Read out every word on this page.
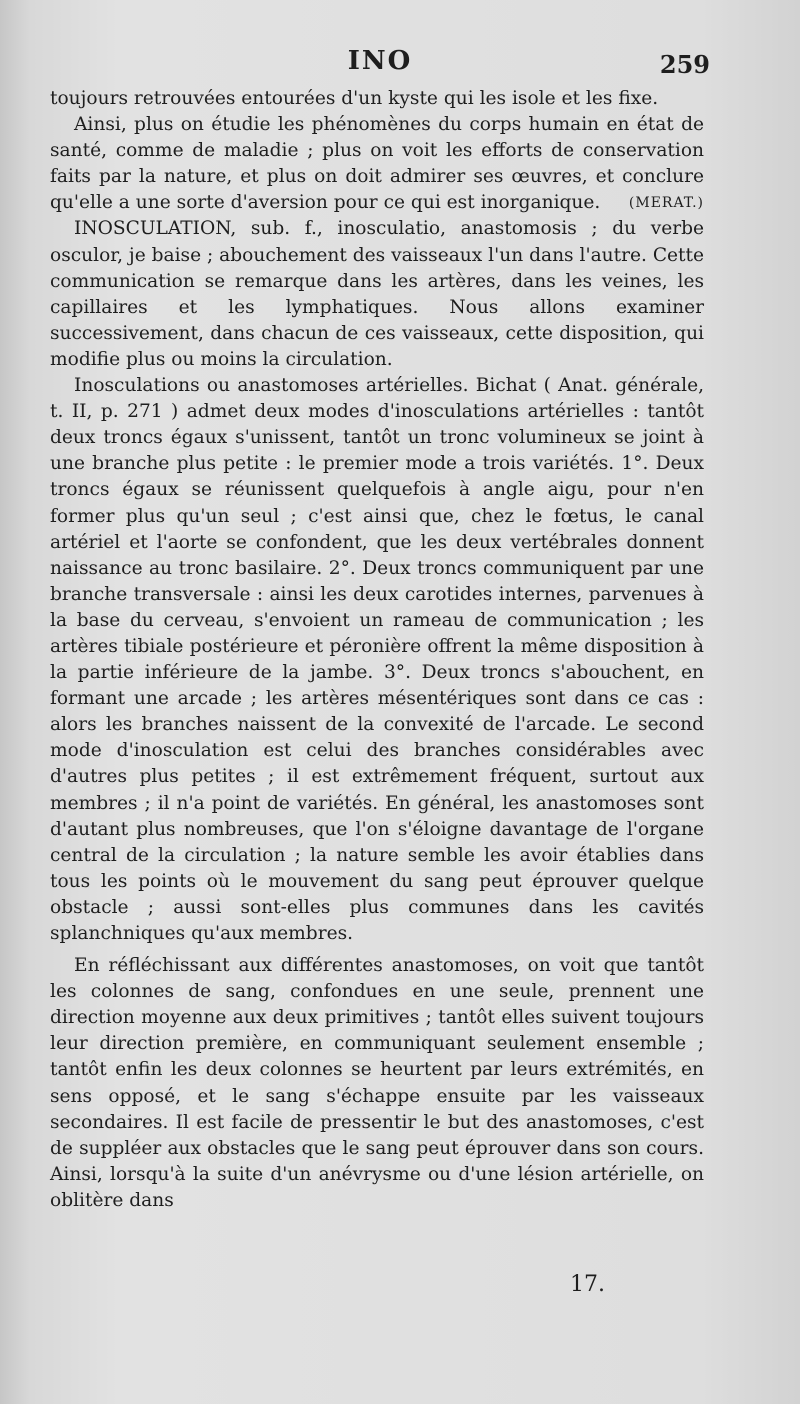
INO	259

toujours retrouvées entourées d'un kyste qui les isole et les fixe.

Ainsi, plus on étudie les phénomènes du corps humain en état de santé, comme de maladie ; plus on voit les efforts de conservation faits par la nature, et plus on doit admirer ses œuvres, et conclure qu'elle a une sorte d'aversion pour ce qui est inorganique.	(MERAT.)

INOSCULATION, sub. f., inosculatio, anastomosis ; du verbe osculor, je baise ; abouchement des vaisseaux l'un dans l'autre. Cette communication se remarque dans les artères, dans les veines, les capillaires et les lymphatiques. Nous allons examiner successivement, dans chacun de ces vaisseaux, cette disposition, qui modifie plus ou moins la circulation.

Inosculations ou anastomoses artérielles. Bichat ( Anat. générale, t. II, p. 271 ) admet deux modes d'inosculations artérielles : tantôt deux troncs égaux s'unissent, tantôt un tronc volumineux se joint à une branche plus petite : le premier mode a trois variétés. 1°. Deux troncs égaux se réunissent quelquefois à angle aigu, pour n'en former plus qu'un seul ; c'est ainsi que, chez le fœtus, le canal artériel et l'aorte se confondent, que les deux vertébrales donnent naissance au tronc basilaire. 2°. Deux troncs communiquent par une branche transversale : ainsi les deux carotides internes, parvenues à la base du cerveau, s'envoient un rameau de communication ; les artères tibiale postérieure et péronière offrent la même disposition à la partie inférieure de la jambe. 3°. Deux troncs s'abouchent, en formant une arcade ; les artères mésentériques sont dans ce cas : alors les branches naissent de la convexité de l'arcade. Le second mode d'inosculation est celui des branches considérables avec d'autres plus petites ; il est extrêmement fréquent, surtout aux membres ; il n'a point de variétés. En général, les anastomoses sont d'autant plus nombreuses, que l'on s'éloigne davantage de l'organe central de la circulation ; la nature semble les avoir établies dans tous les points où le mouvement du sang peut éprouver quelque obstacle ; aussi sont-elles plus communes dans les cavités splanchniques qu'aux membres.

En réfléchissant aux différentes anastomoses, on voit que tantôt les colonnes de sang, confondues en une seule, prennent une direction moyenne aux deux primitives ; tantôt elles suivent toujours leur direction première, en communiquant seulement ensemble ; tantôt enfin les deux colonnes se heurtent par leurs extrémités, en sens opposé, et le sang s'échappe ensuite par les vaisseaux secondaires. Il est facile de pressentir le but des anastomoses, c'est de suppléer aux obstacles que le sang peut éprouver dans son cours. Ainsi, lorsqu'à la suite d'un anévrysme ou d'une lésion artérielle, on oblitère dans

17.
